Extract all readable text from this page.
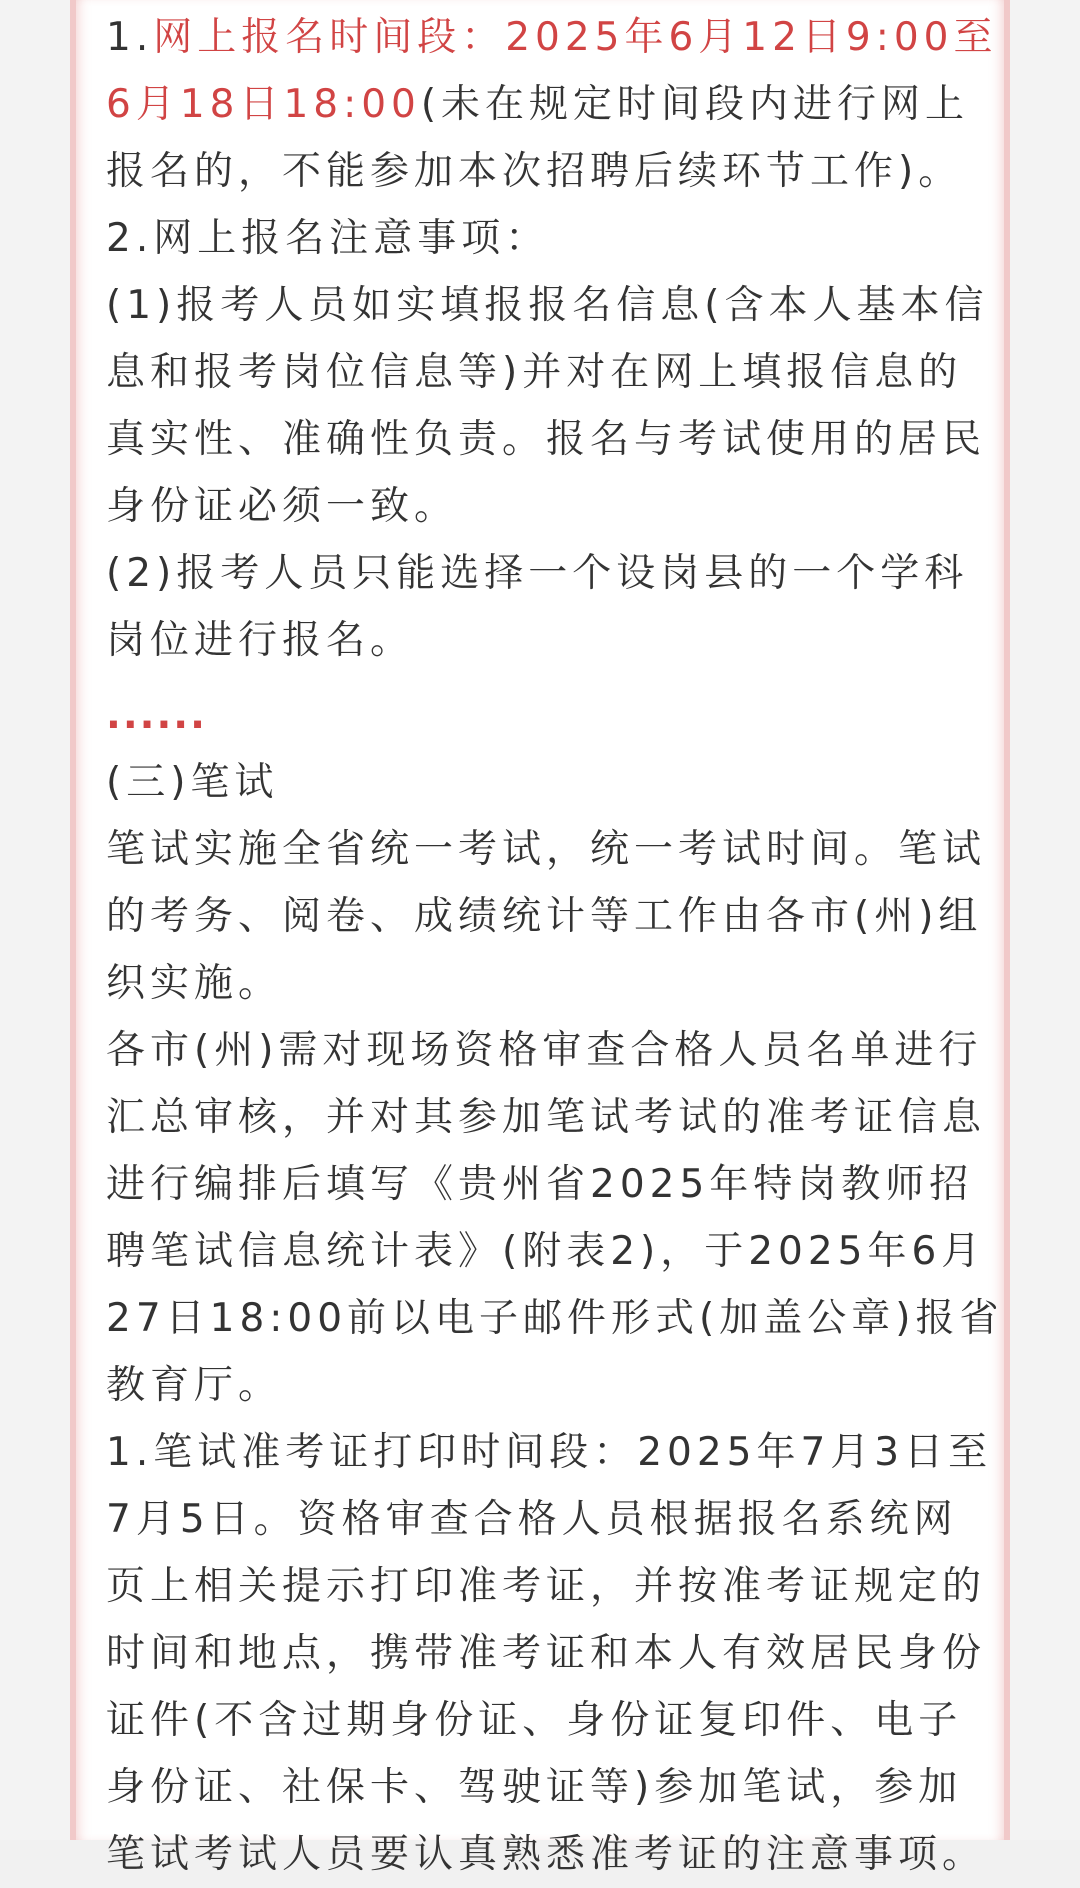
1.网上报名时间段：2025年6月12日9:00至

6月18日18:00(未在规定时间段内进行网上

报名的，不能参加本次招聘后续环节工作)。

2.网上报名注意事项：

(1)报考人员如实填报报名信息(含本人基本信

息和报考岗位信息等)并对在网上填报信息的

真实性、准确性负责。报名与考试使用的居民

身份证必须一致。

(2)报考人员只能选择一个设岗县的一个学科

岗位进行报名。

......

(三)笔试

笔试实施全省统一考试，统一考试时间。笔试

的考务、阅卷、成绩统计等工作由各市(州)组

织实施。

各市(州)需对现场资格审查合格人员名单进行

汇总审核，并对其参加笔试考试的准考证信息

进行编排后填写《贵州省2025年特岗教师招

聘笔试信息统计表》(附表2)，于2025年6月

27日18:00前以电子邮件形式(加盖公章)报省

教育厅。

1.笔试准考证打印时间段：2025年7月3日至

7月5日。资格审查合格人员根据报名系统网

页上相关提示打印准考证，并按准考证规定的

时间和地点，携带准考证和本人有效居民身份

证件(不含过期身份证、身份证复印件、电子

身份证、社保卡、驾驶证等)参加笔试，参加

笔试考试人员要认真熟悉准考证的注意事项。
